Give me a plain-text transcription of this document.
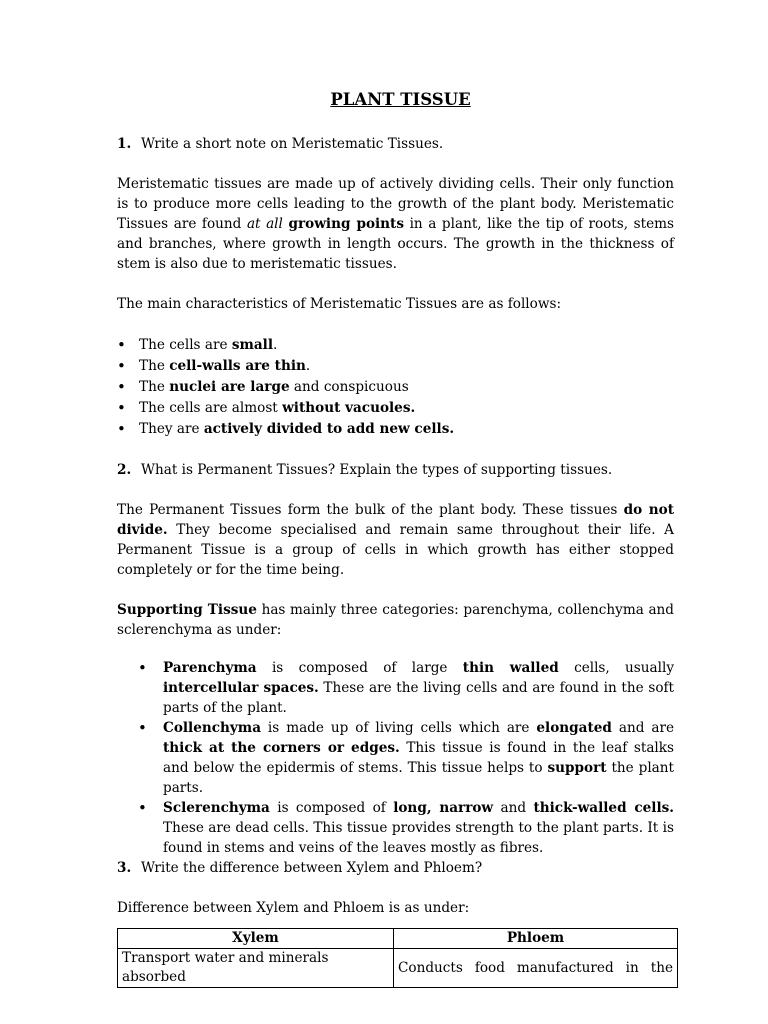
PLANT TISSUE
1. Write a short note on Meristematic Tissues.

Meristematic tissues are made up of actively dividing cells. Their only function is to produce more cells leading to the growth of the plant body. Meristematic Tissues are found at all growing points in a plant, like the tip of roots, stems and branches, where growth in length occurs. The growth in the thickness of stem is also due to meristematic tissues.

The main characteristics of Meristematic Tissues are as follows:

• The cells are small.
• The cell-walls are thin.
• The nuclei are large and conspicuous
• The cells are almost without vacuoles.
• They are actively divided to add new cells.
2. What is Permanent Tissues? Explain the types of supporting tissues.

The Permanent Tissues form the bulk of the plant body. These tissues do not divide. They become specialised and remain same throughout their life. A Permanent Tissue is a group of cells in which growth has either stopped completely or for the time being.

Supporting Tissue has mainly three categories: parenchyma, collenchyma and sclerenchyma as under:

• Parenchyma is composed of large thin walled cells, usually intercellular spaces. These are the living cells and are found in the soft parts of the plant.
• Collenchyma is made up of living cells which are elongated and are thick at the corners or edges. This tissue is found in the leaf stalks and below the epidermis of stems. This tissue helps to support the plant parts.
• Sclerenchyma is composed of long, narrow and thick-walled cells. These are dead cells. This tissue provides strength to the plant parts. It is found in stems and veins of the leaves mostly as fibres.
3. Write the difference between Xylem and Phloem?

Difference between Xylem and Phloem is as under:

Xylem	Phloem
Transport water and minerals absorbed	Conducts food manufactured in the
